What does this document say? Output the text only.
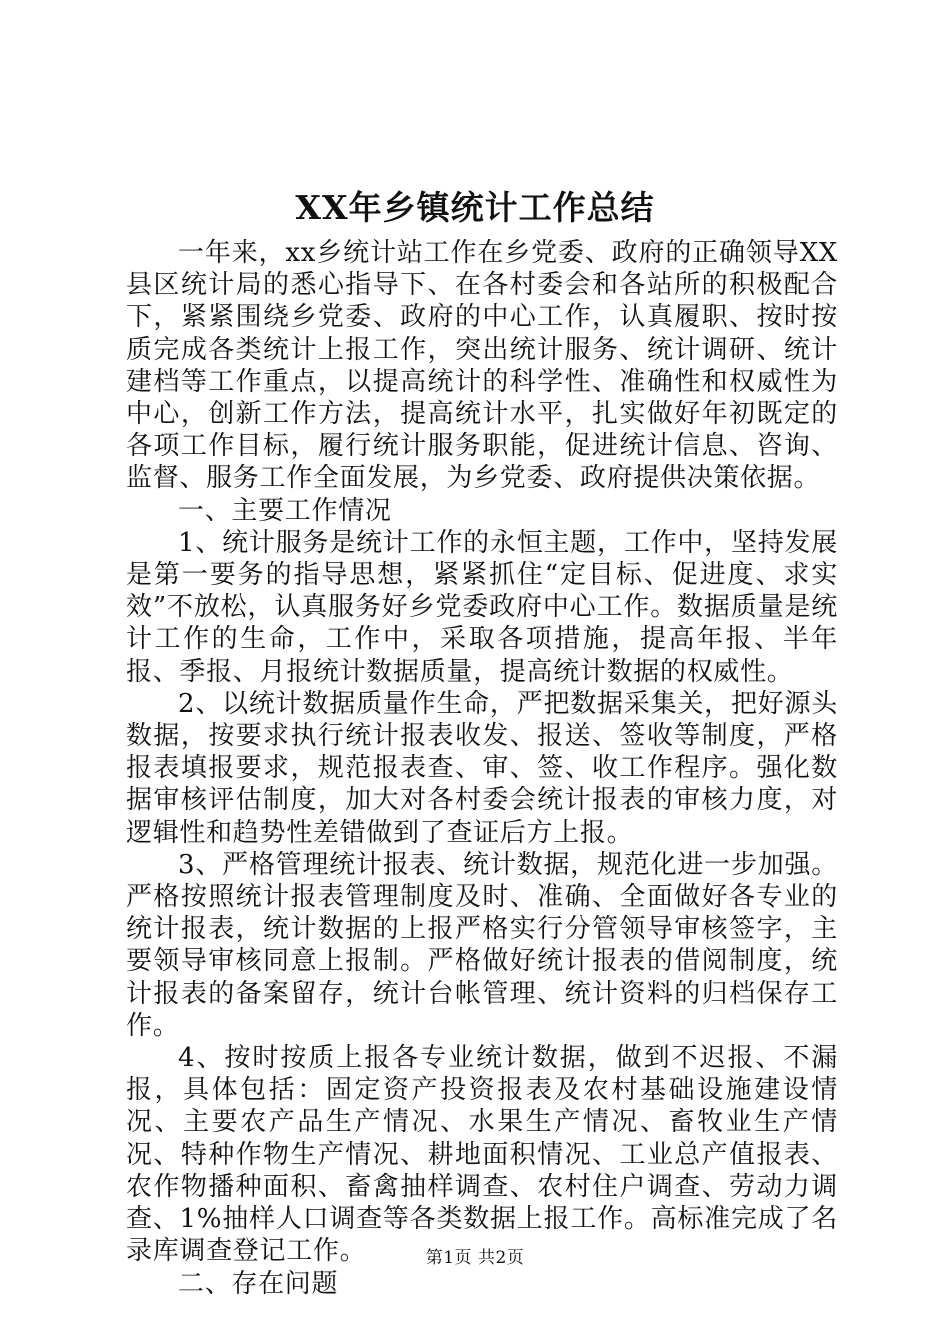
XX年乡镇统计工作总结

一年来，xx乡统计站工作在乡党委、政府的正确领导XX县区统计局的悉心指导下、在各村委会和各站所的积极配合下，紧紧围绕乡党委、政府的中心工作，认真履职、按时按质完成各类统计上报工作，突出统计服务、统计调研、统计建档等工作重点，以提高统计的科学性、准确性和权威性为中心，创新工作方法，提高统计水平，扎实做好年初既定的各项工作目标，履行统计服务职能，促进统计信息、咨询、监督、服务工作全面发展，为乡党委、政府提供决策依据。

一、主要工作情况

1、统计服务是统计工作的永恒主题，工作中，坚持发展是第一要务的指导思想，紧紧抓住“定目标、促进度、求实效”不放松，认真服务好乡党委政府中心工作。数据质量是统计工作的生命，工作中，采取各项措施，提高年报、半年报、季报、月报统计数据质量，提高统计数据的权威性。

2、以统计数据质量作生命，严把数据采集关，把好源头数据，按要求执行统计报表收发、报送、签收等制度，严格报表填报要求，规范报表查、审、签、收工作程序。强化数据审核评估制度，加大对各村委会统计报表的审核力度，对逻辑性和趋势性差错做到了查证后方上报。

3、严格管理统计报表、统计数据，规范化进一步加强。严格按照统计报表管理制度及时、准确、全面做好各专业的统计报表，统计数据的上报严格实行分管领导审核签字，主要领导审核同意上报制。严格做好统计报表的借阅制度，统计报表的备案留存，统计台帐管理、统计资料的归档保存工作。

4、按时按质上报各专业统计数据，做到不迟报、不漏报，具体包括：固定资产投资报表及农村基础设施建设情况、主要农产品生产情况、水果生产情况、畜牧业生产情况、特种作物生产情况、耕地面积情况、工业总产值报表、农作物播种面积、畜禽抽样调查、农村住户调查、劳动力调查、1%抽样人口调查等各类数据上报工作。高标准完成了名录库调查登记工作。

二、存在问题

第1页 共2页
